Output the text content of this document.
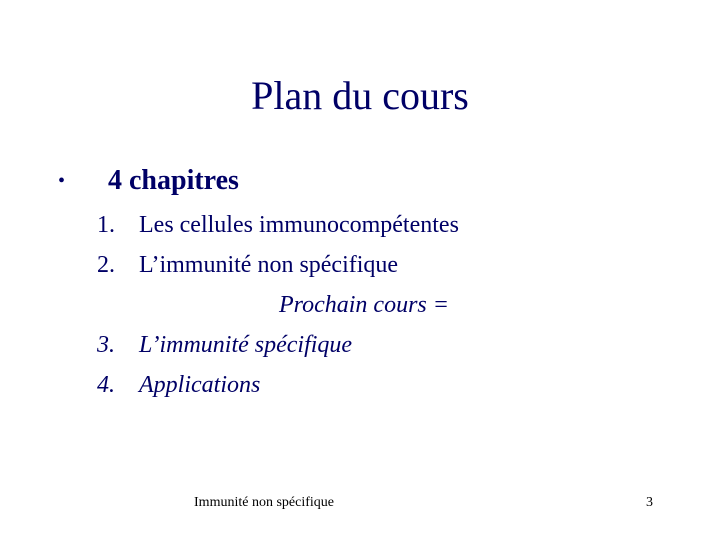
Plan du cours
• 4 chapitres
1. Les cellules immunocompétentes
2. L’immunité non spécifique
Prochain cours =
3. L’immunité spécifique
4. Applications
Immunité non spécifique	3
